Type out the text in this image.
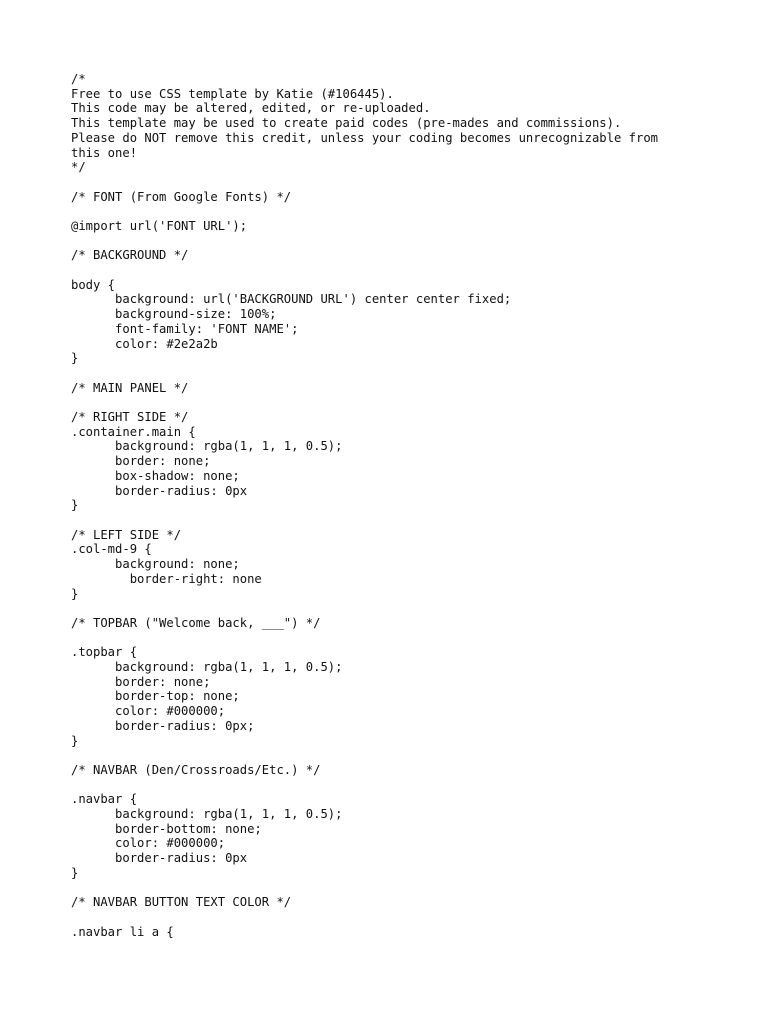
/*
Free to use CSS template by Katie (#106445).
This code may be altered, edited, or re-uploaded.
This template may be used to create paid codes (pre-mades and commissions).
Please do NOT remove this credit, unless your coding becomes unrecognizable from
this one!
*/
/* FONT (From Google Fonts) */
@import url('FONT URL');
/* BACKGROUND */
body {
background: url('BACKGROUND URL') center center fixed;
background-size: 100%;
font-family: 'FONT NAME';
color: #2e2a2b
}
/* MAIN PANEL */
/* RIGHT SIDE */
.container.main {
background: rgba(1, 1, 1, 0.5);
border: none;
box-shadow: none;
border-radius: 0px
}
/* LEFT SIDE */
.col-md-9 {
background: none;
border-right: none
}
/* TOPBAR ("Welcome back, ___") */
.topbar {
background: rgba(1, 1, 1, 0.5);
border: none;
border-top: none;
color: #000000;
border-radius: 0px;
}
/* NAVBAR (Den/Crossroads/Etc.) */
.navbar {
background: rgba(1, 1, 1, 0.5);
border-bottom: none;
color: #000000;
border-radius: 0px
}
/* NAVBAR BUTTON TEXT COLOR */
.navbar li a {
